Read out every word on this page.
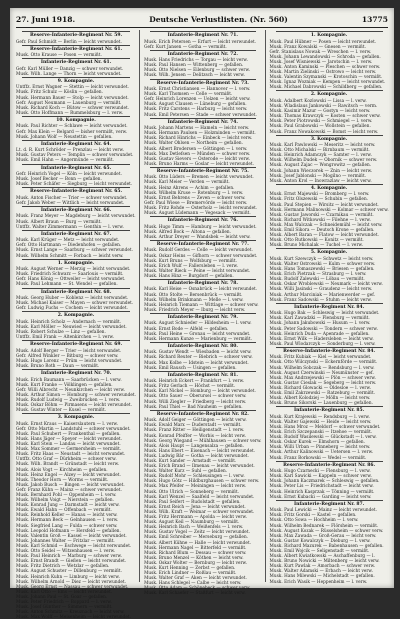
27. Juni 1918.	Deutsche Verlustlisten. (Nr. 560)	13775
Reserve-Infanterie-Regiment Nr. 59.
Gefr. Paul Schmidt — Berlin — leicht verwundet.
Reserve-Infanterie-Regiment Nr. 61.
Musk. Otto Krause — Posen — vermißt.
Infanterie-Regiment Nr. 61.
Gefr. Karl Müller — Danzig — schwer verwundet.
Musk. Wilh. Lange — Thorn — leicht verwundet.
9. Kompagnie.
Untffz. Ernst Wagner — Stettin — leicht verwundet.
Musk. Fritz Schulz — Köslin — gefallen.
Musk. Hermann Bauer — Stolp — leicht verwundet.
Gefr. August Neumann — Lauenburg — vermißt.
Musk. Richard Koch — Bütow — schwer verwundet.
Musk. Otto Hoffmann — Rummelsburg — l. verw.
10. Kompagnie.
Musk. Paul Richter — Schlawe — leicht verwundet.
Gefr. Max Klein — Belgard — bisher vermißt, verw.
Musk. Johann Wolf — Neustettin — gefallen.
Infanterie-Regiment Nr. 64.
Lt. d. R. Kurt Schröder — Prenzlau — leicht verw.
Musk. Gustav Peters — Templin — schwer verwundet.
Musk. Emil Hahn — Angermünde — vermißt.
Infanterie-Regiment Nr. 65.
Gefr. Heinrich Vogel — Köln — leicht verwundet.
Musk. Josef Becker — Bonn — gefallen.
Musk. Peter Schäfer — Siegburg — leicht verwundet.
Reserve-Infanterie-Regiment Nr. 65.
Musk. Anton Fischer — Trier — schwer verwundet.
Gefr. Jakob Weber — Wittlich — leicht verwundet.
Infanterie-Regiment Nr. 66.
Musk. Franz Meyer — Magdeburg — leicht verwundet.
Musk. Albert Braun — Burg — vermißt.
Untffz. Walter Zimmermann — Genthin — l. verw.
Infanterie-Regiment Nr. 67.
Musk. Karl Krüger — Metz — leicht verwundet.
Gefr. Otto Hartmann — Diedenhofen — gefallen.
Musk. Ernst Lange — Saarburg — schwer verwundet.
Musk. Wilhelm Schmitt — Forbach — leicht verw.
1. Kompagnie.
Musk. August Werner — Merzig — leicht verwundet.
Musk. Friedrich Schwarz — Saarlouis — vermißt.
Gefr. Hans König — Ottweiler — leicht verwundet.
Musk. Paul Lehmann — St. Wendel — gefallen.
Infanterie-Regiment Nr. 68.
Musk. Georg Huber — Koblenz — leicht verwundet.
Musk. Michael Kaiser — Mayen — schwer verwundet.
Gefr. Ludwig Fuchs — Cochem — leicht verwundet.
2. Kompagnie.
Musk. Heinrich Scholz — Andernach — vermißt.
Musk. Karl Möller — Neuwied — leicht verwundet.
Musk. Robert Schulze — Linz — gefallen.
Untffz. Emil Frank — Altenkirchen — l. verw.
Reserve-Infanterie-Regiment Nr. 69.
Musk. Adolf Berger — Trier — leicht verwundet.
Gefr. Alfred Winkler — Bitburg — schwer verw.
Musk. Hugo Lorenz — Prüm — leicht verwundet.
Musk. Bruno Roth — Daun — vermißt.
Infanterie-Regiment Nr. 70.
Musk. Erich Baumann — Saarbrücken — l. verw.
Musk. Kurt Franke — Völklingen — gefallen.
Gefr. Willi Albrecht — Neunkirchen — leicht verw.
Musk. Arthur Simon — Homburg — schwer verwundet.
Musk. Rudolf Ludwig — Zweibrücken — l. verw.
Musk. Oskar Böhm — Pirmasens — leicht verwundet.
Musk. Gustav Winter — Kusel — vermißt.
3. Kompagnie.
Musk. Ernst Kraus — Kaiserslautern — l. verw.
Gefr. Otto Martin — Landstuhl — schwer verwundet.
Musk. Paul Schubert — Frankenthal — gefallen.
Musk. Hans Jäger — Speyer — leicht verwundet.
Musk. Karl Stein — Landau — leicht verwundet.
Musk. Max Sommer — Germersheim — vermißt.
Musk. Fritz Haas — Neustadt — leicht verwundet.
Untffz. Otto Graf — Dürkheim — schwer verw.
Musk. Wilh. Brandt — Grünstadt — leicht verw.
Musk. Alois Vogt — Kirchheim — gefallen.
Musk. Heinz Engel — Alzey — leicht verwundet.
Musk. Theodor Horn — Worms — vermißt.
Musk. Jakob Busch — Bingen — leicht verwundet.
Gefr. Franz Kühn — Mainz — schwer verwundet.
Musk. Bernhard Pohl — Oppenheim — l. verw.
Musk. Wilhelm Voigt — Nierstein — gefallen.
Musk. Konrad Jung — Darmstadt — leicht verw.
Musk. Ewald Hahn — Offenbach — vermißt.
Musk. Reinhold Keller — Hanau — leicht verw.
Musk. Hermann Beck — Gelnhausen — l. verw.
Musk. Siegfried Lang — Fulda — schwer verw.
Musk. Leopold Hofmann — Hersfeld — gefallen.
Musk. Valentin Groß — Kassel — leicht verwundet.
Musk. Johannes Walter — Fritzlar — vermißt.
Musk. Karl Schmid — Eschwege — leicht verwundet.
Musk. Otto Seidel — Witzenhausen — l. verw.
Musk. Paul Heinrich — Marburg — schwer verw.
Musk. Ernst Brandt — Gießen — leicht verwundet.
Musk. Fritz Dietrich — Wetzlar — gefallen.
Musk. August Schuster — Dillenburg — vermißt.
Musk. Heinrich Kuhn — Limburg — leicht verw.
Musk. Wilhelm Arnold — Diez — leicht verwundet.
Musk. Georg Ernst — Nassau — schwer verwundet.
Musk. Karl Otto — Ems — leicht verwundet.
Musk. Johann Paul — St. Goar — gefallen.
Musk. Peter Friedrich — Boppard — l. verw.
Musk. Josef Günther — Simmern — vermißt.
Musk. Anton Schmitz — Kreuznach — leicht verw.
Musk. Max Wolff — Meisenheim — leicht verwundet.
Infanterie-Regiment Nr. 71.
Musk. Erich Petersen — Erfurt — leicht verwundet.
Gefr. Kurt Jansen — Gotha — vermißt.
Infanterie-Regiment Nr. 72.
Musk. Hans Friedrichs — Torgau — leicht verw.
Musk. Paul Hansen — Wittenberg — gefallen.
Musk. Otto Nielsen — Eilenburg — schwer verw.
Musk. Wilh. Jensen — Delitzsch — leicht verw.
Reserve-Infanterie-Regiment Nr. 73.
Musk. Ernst Christiansen — Hannover — l. verw.
Musk. Karl Thomsen — Celle — vermißt.
Gefr. Heinrich Lorenzen — Uelzen — leicht verw.
Musk. August Clausen — Lüneburg — gefallen.
Musk. Fritz Carstens — Harburg — leicht verw.
Musk. Emil Petersen — Stade — schwer verwundet.
Infanterie-Regiment Nr. 74.
Musk. Johann Martens — Hameln — leicht verw.
Musk. Hermann Paulsen — Holzminden — vermißt.
Musk. Richard Hinrichs — Einbeck — leicht verw.
Musk. Walter Ohlsen — Northeim — gefallen.
Musk. Albert Brodersen — Göttingen — l. verw.
Musk. Max Detlefsen — Münden — schwer verw.
Musk. Gustav Sievers — Osterode — leicht verw.
Musk. Bruno Harms — Goslar — leicht verwundet.
Reserve-Infanterie-Regiment Nr. 75.
Musk. Otto Lüders — Bremen — leicht verwundet.
Musk. Karl Meier — Verden — vermißt.
Musk. Heinz Ahrens — Achim — gefallen.
Musk. Wilhelm Kruse — Rotenburg — l. verw.
Musk. Ernst Behrens — Zeven — schwer verw.
Gefr. Paul Wiese — Bremervörde — leicht verw.
Musk. Fritz Rohde — Osterholz — leicht verwundet.
Musk. August Lüdemann — Vegesack — vermißt.
Infanterie-Regiment Nr. 76.
Musk. Hugo Timm — Hamburg — leicht verwundet.
Musk. Alfred Bock — Altona — gefallen.
Musk. Arthur Dreyer — Wandsbek — leicht verw.
Reserve-Infanterie-Regiment Nr. 77.
Musk. Rudolf Gerdes — Celle — leicht verwundet.
Musk. Oskar Heins — Gifhorn — schwer verwundet.
Musk. Kurt Bruns — Wolfsburg — vermißt.
Musk. Erich Wulf — Fallersleben — l. verw.
Musk. Walter Rieck — Peine — leicht verwundet.
Musk. Hans Hinz — Burgdorf — gefallen.
Infanterie-Regiment Nr. 78.
Musk. Karl Heise — Osnabrück — leicht verwundet.
Musk. Otto Stolte — Bersenbrück — vermißt.
Musk. Wilhelm Brinkmann — Melle — l. verw.
Musk. Heinrich Tiemann — Wittlage — schwer verw.
Musk. Friedrich Meyer — Iburg — leicht verw.
Infanterie-Regiment Nr. 79.
Musk. August Schnieder — Hildesheim — l. verw.
Musk. Ernst Bode — Alfeld — gefallen.
Musk. Paul Heine — Gronau — leicht verwundet.
Musk. Hermann Kunze — Marienburg — vermißt.
Infanterie-Regiment Nr. 80.
Musk. Gustav Wendt — Wiesbaden — leicht verw.
Musk. Richard Reuter — Biebrich — schwer verw.
Musk. Max Kolbe — Idstein — leicht verwundet.
Musk. Emil Rausch — Usingen — gefallen.
Infanterie-Regiment Nr. 81.
Musk. Heinrich Eckert — Frankfurt — l. verw.
Musk. Fritz Gerlach — Höchst — vermißt.
Musk. Karl Nickel — Homburg — leicht verwundet.
Musk. Otto Sauer — Oberursel — schwer verw.
Musk. Willi Ziegler — Friedberg — leicht verw.
Musk. Paul Thiel — Bad Nauheim — gefallen.
Reserve-Infanterie-Regiment Nr. 82.
Musk. Adolf Geiger — Göttingen — leicht verw.
Musk. Ewald Marx — Duderstadt — vermißt.
Musk. Franz Ritter — Heiligenstadt — l. verw.
Musk. Konrad Pfeiffer — Worbis — leicht verw.
Musk. Georg Wiegand — Mühlhausen — schwer verw.
Musk. Alois Haupt — Langensalza — gefallen.
Musk. Hans Ebert — Eisenach — leicht verwundet.
Musk. Ludwig Bär — Gotha — leicht verwundet.
Musk. Kurt Sander — Arnstadt — vermißt.
Musk. Erich Brand — Ilmenau — leicht verwundet.
Musk. Walter Kurz — Suhl — gefallen.
Musk. Rudolf Mohr — Schleusingen — l. verw.
Musk. Hugo Götz — Hildburghausen — schwer verw.
Musk. Max Pfeifer — Meiningen — leicht verw.
Musk. Otto Ulrich — Sonneberg — vermißt.
Musk. Karl Wenzel — Saalfeld — leicht verwundet.
Musk. Paul Seifert — Rudolstadt — gefallen.
Musk. Ernst Reich — Jena — leicht verwundet.
Musk. Wilh. Kraft — Weimar — schwer verwundet.
Musk. Fritz Herrmann — Apolda — leicht verw.
Musk. August Keil — Naumburg — vermißt.
Musk. Heinrich Bach — Weißenfels — l. verw.
Musk. Gustav Vogel — Zeitz — leicht verwundet.
Musk. Emil Schreiber — Merseburg — gefallen.
Musk. Albert Kühne — Halle — leicht verwundet.
Musk. Hermann Nagel — Bitterfeld — vermißt.
Musk. Richard Blum — Dessau — schwer verw.
Musk. Bruno Menzel — Köthen — leicht verw.
Musk. Oskar Wolter — Bernburg — leicht verw.
Musk. Kurt Henning — Zerbst — gefallen.
Musk. Erich Lindner — Roßlau — vermißt.
Musk. Walter Graf — Aken — leicht verwundet.
Musk. Hans Schlegel — Calbe — leicht verw.
Musk. Otto Adam — Schönebeck — schwer verw.
Musk. Karl Schaefer — Staßfurt — leicht verw.
1. Kompagnie.
Musk. Paul Hübner — Posen — leicht verwundet.
Musk. Franz Kowalski — Gnesen — vermißt.
Gefr. Stanislaus Nowak — Wreschen — l. verw.
Musk. Johann Lewandowski — Schroda — gefallen.
Musk. Josef Wisniewski — Jarotschin — l. verw.
Musk. Anton Kaminski — Pleschen — schwer verw.
Musk. Martin Zielinski — Ostrowo — leicht verw.
Musk. Valentin Szymanski — Krotoschin — vermißt.
Musk. Ignaz Wozniak — Kempen — leicht verwundet.
Musk. Michael Dabrowski — Schildberg — gefallen.
2. Kompagnie.
Musk. Adalbert Kozlowski — Lissa — l. verw.
Musk. Wladislaus Jankowski — Rawitsch — verm.
Musk. Kasimir Mazur — Gostyn — leicht verw.
Musk. Thomas Krawczyk — Kosten — schwer verw.
Musk. Peter Piotrowski — Schmiegel — l. verw.
Musk. Paul Grabowski — Wollstein — gefallen.
Musk. Franz Nowakowski — Bomst — leicht verw.
3. Kompagnie.
Musk. Karl Pawlowski — Meseritz — leicht verw.
Musk. Otto Michalski — Birnbaum — vermißt.
Musk. Heinrich Adamczyk — Samter — l. verw.
Musk. Wilhelm Dudek — Obornik — schwer verw.
Musk. August Zajac — Wongrowitz — gefallen.
Musk. Johann Wieczorek — Znin — leicht verw.
Musk. Josef Jablonski — Mogilno — vermißt.
Musk. Anton Krol — Inowrazlaw — leicht verw.
4. Kompagnie.
Musk. Ernst Majewski — Bromberg — l. verw.
Musk. Fritz Olszewski — Schubin — gefallen.
Musk. Paul Stepien — Wirsitz — leicht verwundet.
Musk. Hermann Malinowski — Kolmar — schwer verw.
Musk. Gustav Jaworski — Czarnikau — vermißt.
Musk. Richard Witkowski — Filehne — l. verw.
Musk. Max Walczak — Schneidemühl — leicht verw.
Musk. Emil Sikora — Deutsch Krone — gefallen.
Musk. Albert Baran — Flatow — leicht verwundet.
Musk. Otto Rutkowski — Konitz — vermißt.
Musk. Bruno Michalak — Tuchel — l. verw.
5. Kompagnie.
Musk. Kurt Szewczyk — Schwetz — leicht verw.
Musk. Walter Ostrowski — Kulm — schwer verw.
Musk. Hans Tomaszewski — Briesen — gefallen.
Musk. Erich Pietrzak — Strasburg — l. verw.
Musk. Rudolf Zalewski — Löbau — vermißt.
Musk. Oskar Wroblewski — Neumark — leicht verw.
Musk. Willi Jasinski — Graudenz — leicht verw.
Musk. Arthur Marciniak — Marienwerder — gef.
Musk. Franz Sadowski — Stuhm — leicht verw.
Infanterie-Regiment Nr. 84.
Musk. Hugo Bak — Schleswig — leicht verwundet.
Musk. Karl Zawadzki — Flensburg — vermißt.
Musk. Johann Jakubowski — Husum — l. verw.
Musk. Peter Sadowski — Tondern — schwer verw.
Musk. Heinrich Duda — Apenrade — gefallen.
Musk. Ernst Wilk — Hadersleben — leicht verw.
Musk. Paul Wlodarczyk — Sonderburg — l. verw.
Reserve-Infanterie-Regiment Nr. 84.
Musk. Fritz Kubiak — Kiel — leicht verwundet.
Musk. Otto Wilczynski — Eckernförde — vermißt.
Musk. Wilhelm Sobczak — Rendsburg — l. verw.
Musk. August Czerwinski — Neumünster — gef.
Musk. Max Andrzejewski — Plön — schwer verw.
Musk. Gustav Cieslak — Segeberg — leicht verw.
Musk. Richard Glowacki — Oldesloe — l. verw.
Musk. Emil Zakrzewski — Ratzeburg — vermißt.
Musk. Albert Kolodziej — Mölln — leicht verw.
Musk. Bruno Sikorski — Lauenburg — gefallen.
Infanterie-Regiment Nr. 85.
Musk. Kurt Krajewski — Rendsburg — l. verw.
Musk. Walter Gajewski — Heide — leicht verw.
Musk. Hans Mroz — Meldorf — schwer verwundet.
Musk. Erich Szczepanski — Itzehoe — vermißt.
Musk. Rudolf Wasilewski — Glückstadt — l. verw.
Musk. Oskar Kurek — Elmshorn — gefallen.
Musk. Willi Urban — Pinneberg — leicht verw.
Musk. Arthur Kalinowski — Uetersen — l. verw.
Musk. Franz Borkowski — Wedel — vermißt.
Reserve-Infanterie-Regiment Nr. 86.
Musk. Hugo Czarnecki — Flensburg — l. verw.
Musk. Karl Sawicki — Kappeln — schwer verw.
Musk. Johann Kaczmarek — Schleswig — gefallen.
Musk. Peter Lis — Friedrichstadt — leicht verw.
Musk. Heinrich Kasprzak — Tönning — vermißt.
Musk. Ernst Kubacki — Garding — leicht verw.
Infanterie-Regiment Nr. 87.
Musk. Paul Lewicki — Mainz — leicht verwundet.
Musk. Fritz Gorski — Kastel — gefallen.
Musk. Otto Sowa — Hochheim — l. verw.
Musk. Wilhelm Bednarek — Flörsheim — vermißt.
Musk. August Kozak — Rüsselsheim — schwer verw.
Musk. Max Zawada — Groß-Gerau — leicht verw.
Musk. Gustav Kowalczyk — Dieburg — l. verw.
Musk. Richard Mazurek — Babenhausen — gefallen.
Musk. Emil Wojcik — Seligenstadt — vermißt.
Musk. Albert Kwiatkowski — Aschaffenburg — l.
Musk. Bruno Nowicki — Miltenberg — leicht verw.
Musk. Kurt Pawlak — Amorbach — schwer verw.
Musk. Walter Adamski — Erbach — leicht verw.
Musk. Hans Milewski — Michelstadt — gefallen.
Musk. Erich Wasik — Heppenheim — l. verw.
